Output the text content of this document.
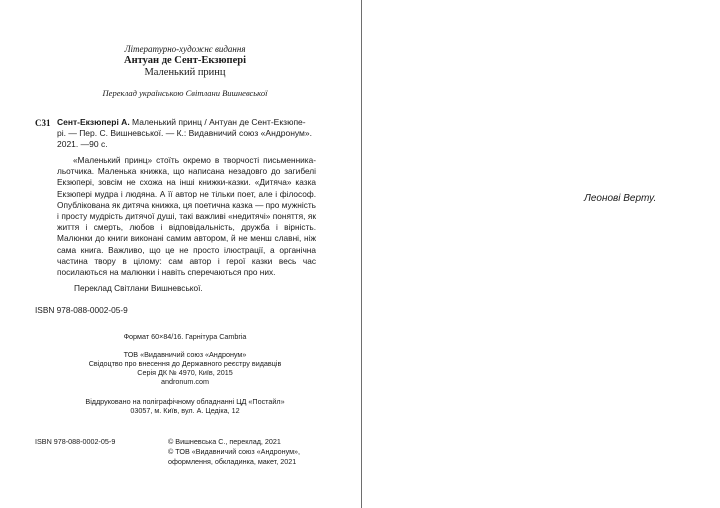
Літературно-художнє видання
Антуан де Сент-Екзюпері
Маленький принц
Переклад українською Світлани Вишневської
С31 Сент-Екзюпері А. Маленький принц / Антуан де Сент-Екзюпе-
рі. — Пер. С. Вишневської. — К.: Видавничий союз «Андронум».
2021. —90 с.

«Маленький принц» стоїть окремо в творчості письменника-льотчика. Маленька книжка, що написана незадовго до загибелі Екзюпері, зовсім не схожа на інші книжки-казки. «Дитяча» казка Екзюпері мудра і людяна. А її автор не тільки поет, але і філософ. Опублікована як дитяча книжка, ця поетична казка — про мужність і просту мудрість дитячої душі, такі важливі «недитячі» поняття, як життя і смерть, любов і відповідальність, дружба і вірність. Малюнки до книги виконані самим автором, й не менш славні, ніж сама книга. Важливо, що це не просто ілюстрації, а органічна частина твору в цілому: сам автор і герої казки весь час посилаються на малюнки і навіть сперечаються про них.

Переклад Світлани Вишневської.
ISBN 978-088-0002-05-9
Формат 60×84/16. Гарнітура Cambria
ТОВ «Видавничий союз «Андронум»
Свідоцтво про внесення до Державного реєстру видавців
Серія ДК № 4970, Київ, 2015
andronum.com
Віддруковано на поліграфічному обладнанні ЦД «Постайл»
03057, м. Київ, вул. А. Цедіка, 12
ISBN 978-088-0002-05-9	© Вишневська С., переклад, 2021
© ТОВ «Видавничий союз «Андронум»,
оформлення, обкладинка, макет, 2021
Леонові Верту.
